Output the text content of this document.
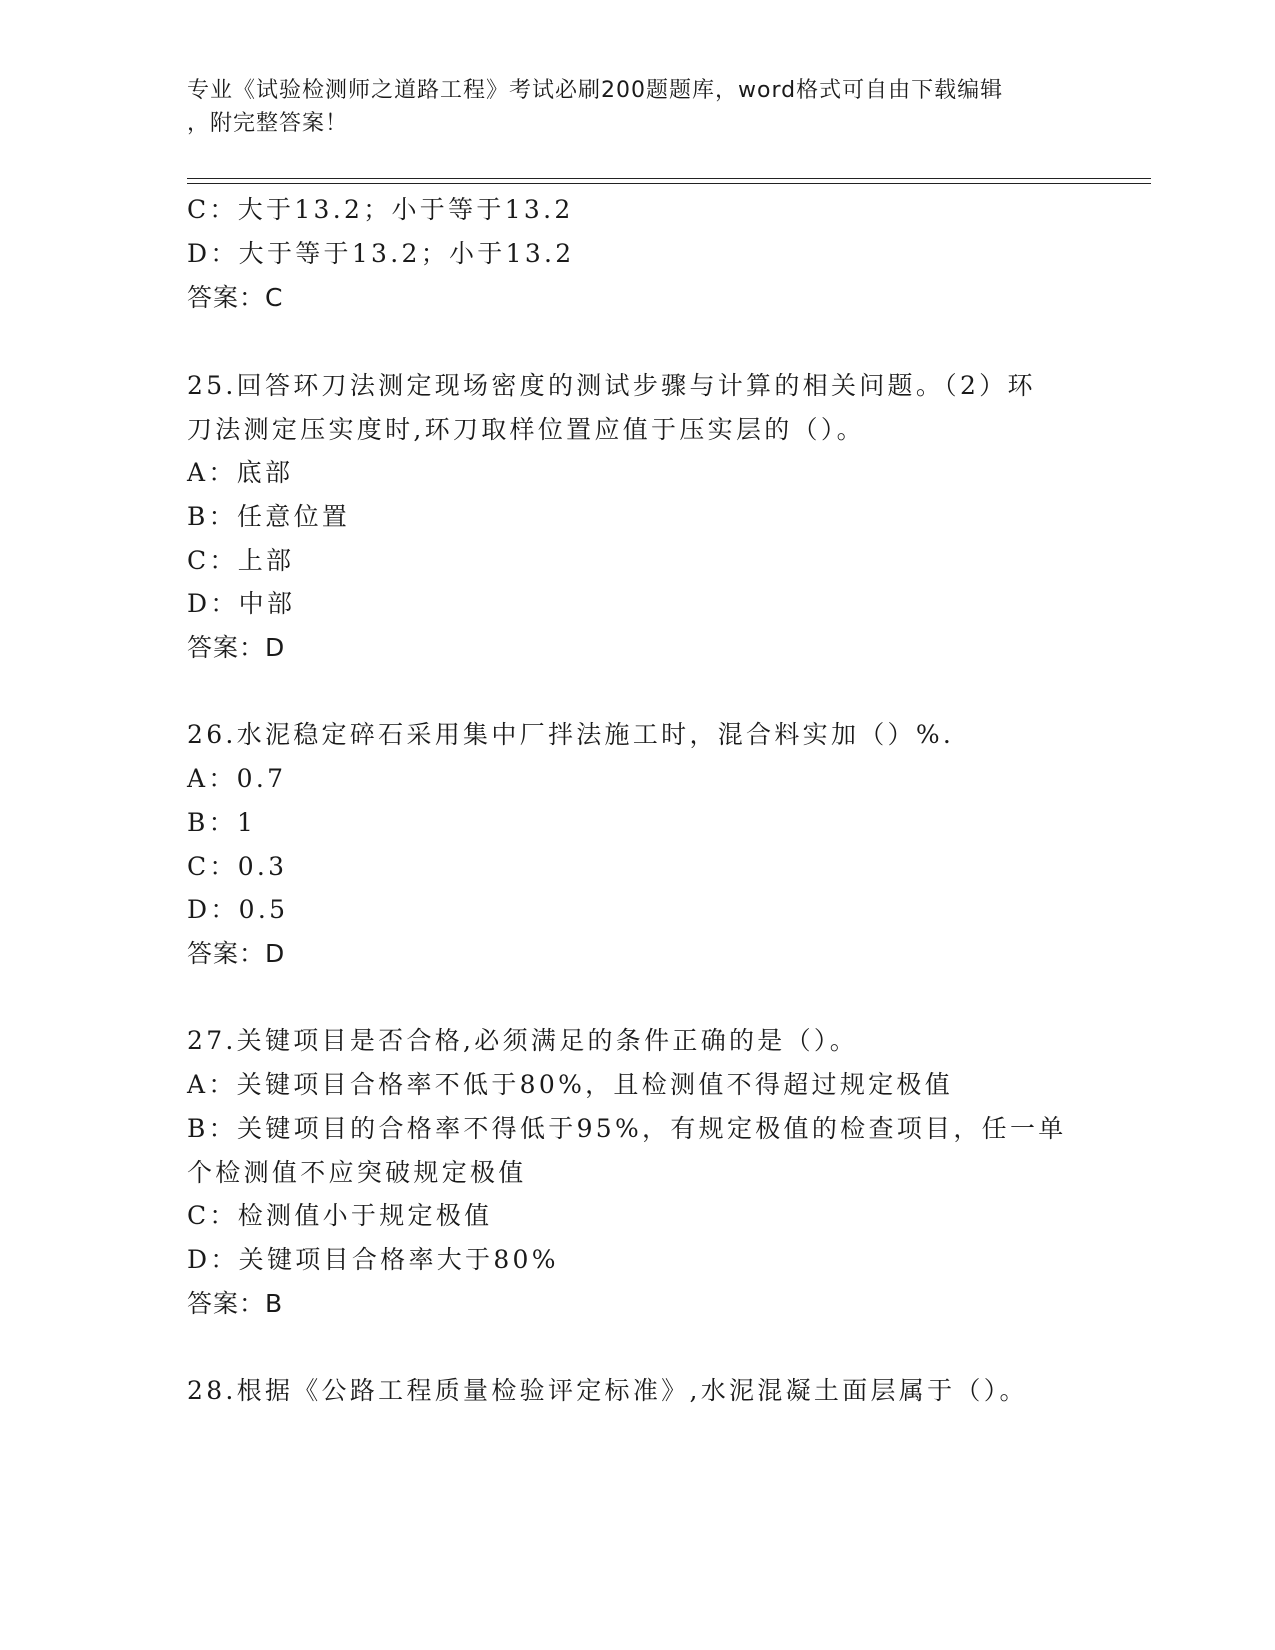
专业《试验检测师之道路工程》考试必刷200题题库，word格式可自由下载编辑
，附完整答案！
C：大于13.2；小于等于13.2
D：大于等于13.2；小于13.2
答案：C
25.回答环刀法测定现场密度的测试步骤与计算的相关问题。（2）环
刀法测定压实度时,环刀取样位置应值于压实层的（）。
A：底部
B：任意位置
C：上部
D：中部
答案：D
26.水泥稳定碎石采用集中厂拌法施工时，混合料实加（）%.
A：0.7
B：1
C：0.3
D：0.5
答案：D
27.关键项目是否合格,必须满足的条件正确的是（）。
A：关键项目合格率不低于80%，且检测值不得超过规定极值
B：关键项目的合格率不得低于95%，有规定极值的检查项目，任一单
个检测值不应突破规定极值
C：检测值小于规定极值
D：关键项目合格率大于80%
答案：B
28.根据《公路工程质量检验评定标准》,水泥混凝土面层属于（）。
